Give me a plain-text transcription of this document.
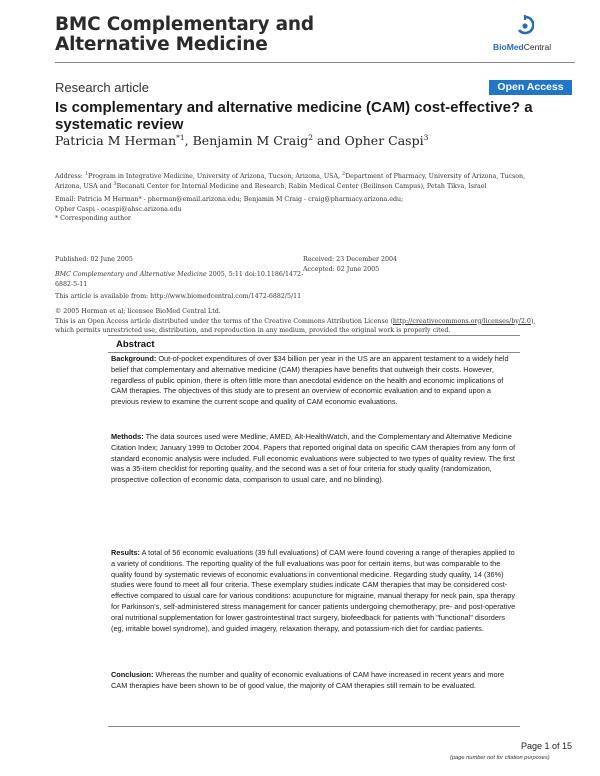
BMC Complementary and
Alternative Medicine	BioMedCentral
Research article	Open Access
Is complementary and alternative medicine (CAM) cost-effective? a systematic review
Patricia M Herman$^{*1}$, Benjamin M Craig$^2$ and Opher Caspi$^3$
Address: $^1$Program in Integrative Medicine, University of Arizona, Tucson, Arizona, USA, $^2$Department of Pharmacy, University of Arizona, Tucson,
Arizona, USA and $^3$Recanati Center for Internal Medicine and Research, Rabin Medical Center (Beilinson Campus), Petah Tikva, Israel
Email: Patricia M Herman* - pherman@email.arizona.edu; Benjamin M Craig - craig@pharmacy.arizona.edu;
Opher Caspi - ocaspi@ahsc.arizona.edu
* Corresponding author
Published: 02 June 2005	Received: 23 December 2004
Accepted: 02 June 2005
BMC Complementary and Alternative Medicine 2005, 5:11 doi:10.1186/1472-
6882-5-11
This article is available from: http://www.biomedcentral.com/1472-6882/5/11
© 2005 Herman et al; licensee BioMed Central Ltd.
This is an Open Access article distributed under the terms of the Creative Commons Attribution License (http://creativecommons.org/licenses/by/2.0),
which permits unrestricted use, distribution, and reproduction in any medium, provided the original work is properly cited.
Abstract

Background: Out-of-pocket expenditures of over $34 billion per year in the US are an apparent testament to a widely held belief that complementary and alternative medicine (CAM) therapies have benefits that outweigh their costs. However, regardless of public opinion, there is often little more than anecdotal evidence on the health and economic implications of CAM therapies. The objectives of this study are to present an overview of economic evaluation and to expand upon a previous review to examine the current scope and quality of CAM economic evaluations.

Methods: The data sources used were Medline, AMED, Alt-HealthWatch, and the Complementary and Alternative Medicine Citation Index; January 1999 to October 2004. Papers that reported original data on specific CAM therapies from any form of standard economic analysis were included. Full economic evaluations were subjected to two types of quality review. The first was a 35-item checklist for reporting quality, and the second was a set of four criteria for study quality (randomization, prospective collection of economic data, comparison to usual care, and no blinding).

Results: A total of 56 economic evaluations (39 full evaluations) of CAM were found covering a range of therapies applied to a variety of conditions. The reporting quality of the full evaluations was poor for certain items, but was comparable to the quality found by systematic reviews of economic evaluations in conventional medicine. Regarding study quality, 14 (36%) studies were found to meet all four criteria. These exemplary studies indicate CAM therapies that may be considered cost-effective compared to usual care for various conditions: acupuncture for migraine, manual therapy for neck pain, spa therapy for Parkinson's, self-administered stress management for cancer patients undergoing chemotherapy, pre- and post-operative oral nutritional supplementation for lower gastrointestinal tract surgery, biofeedback for patients with "functional" disorders (eg, irritable bowel syndrome), and guided imagery, relaxation therapy, and potassium-rich diet for cardiac patients.

Conclusion: Whereas the number and quality of economic evaluations of CAM have increased in recent years and more CAM therapies have been shown to be of good value, the majority of CAM therapies still remain to be evaluated.

Page 1 of 15
(page number not for citation purposes)
